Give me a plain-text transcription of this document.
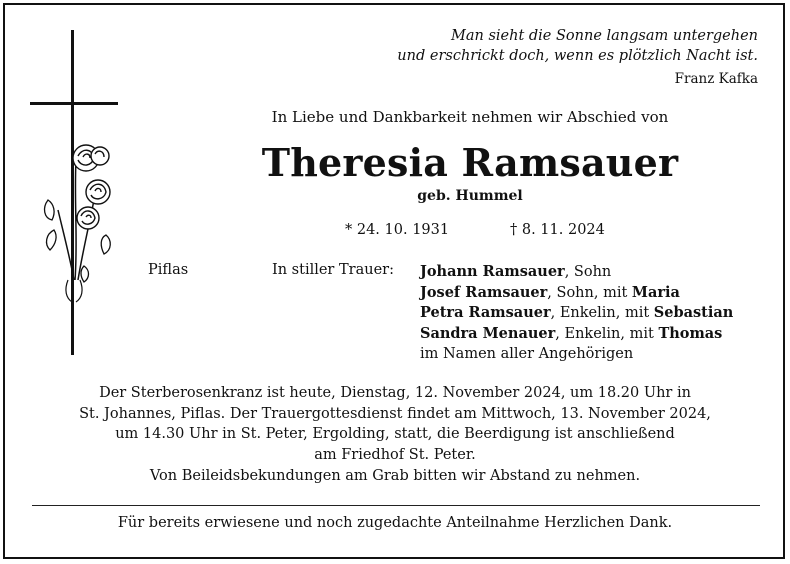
Man sieht die Sonne langsam untergehen
und erschrickt doch, wenn es plötzlich Nacht ist.
Franz Kafka
In Liebe und Dankbarkeit nehmen wir Abschied von
Theresia Ramsauer
geb. Hummel
* 24. 10. 1931	† 8. 11. 2024
Piflas	In stiller Trauer: Johann Ramsauer, Sohn
Josef Ramsauer, Sohn, mit Maria
Petra Ramsauer, Enkelin, mit Sebastian
Sandra Menauer, Enkelin, mit Thomas
im Namen aller Angehörigen
Der Sterberosenkranz ist heute, Dienstag, 12. November 2024, um 18.20 Uhr in
St. Johannes, Piflas. Der Trauergottesdienst findet am Mittwoch, 13. November 2024,
um 14.30 Uhr in St. Peter, Ergolding, statt, die Beerdigung ist anschließend
am Friedhof St. Peter.
Von Beileidsbekundungen am Grab bitten wir Abstand zu nehmen.
Für bereits erwiesene und noch zugedachte Anteilnahme Herzlichen Dank.
